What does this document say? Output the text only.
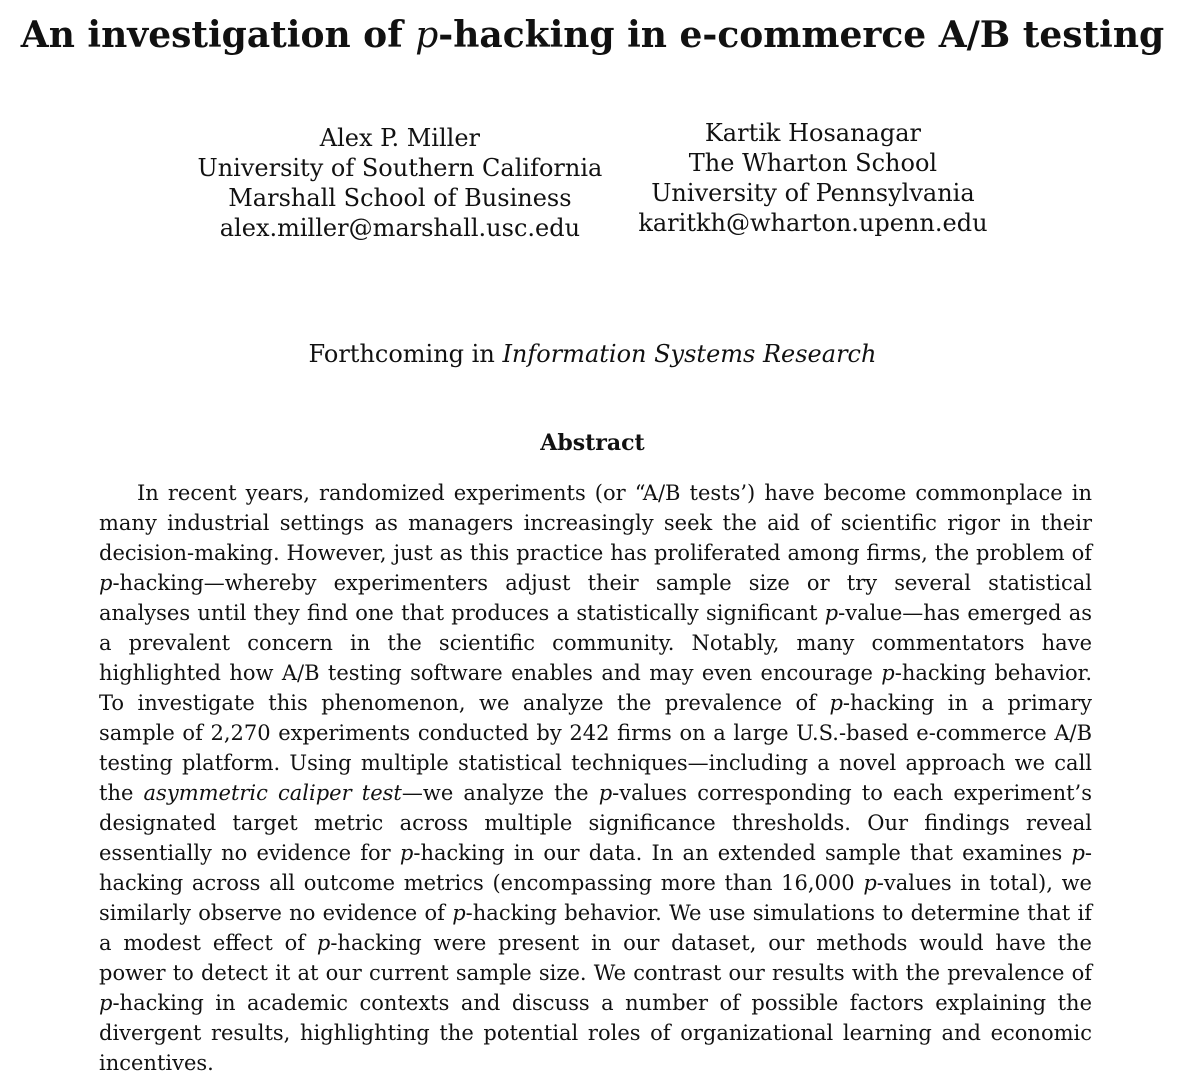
An investigation of p-hacking in e-commerce A/B testing
Alex P. Miller
University of Southern California
Marshall School of Business
alex.miller@marshall.usc.edu
Kartik Hosanagar
The Wharton School
University of Pennsylvania
karitkh@wharton.upenn.edu
Forthcoming in Information Systems Research
Abstract

In recent years, randomized experiments (or “A/B tests’) have become commonplace in many industrial settings as managers increasingly seek the aid of scientific rigor in their decision-making. However, just as this practice has proliferated among firms, the problem of p-hacking—whereby experimenters adjust their sample size or try several statistical analyses until they find one that produces a statistically significant p-value—has emerged as a prevalent concern in the scientific community. Notably, many commentators have highlighted how A/B testing software enables and may even encourage p-hacking behavior. To investigate this phenomenon, we analyze the prevalence of p-hacking in a primary sample of 2,270 experiments conducted by 242 firms on a large U.S.-based e-commerce A/B testing platform. Using multiple statistical techniques—including a novel approach we call the asymmetric caliper test—we analyze the p-values corresponding to each experiment’s designated target metric across multiple significance thresholds. Our findings reveal essentially no evidence for p-hacking in our data. In an extended sample that examines p-hacking across all outcome metrics (encompassing more than 16,000 p-values in total), we similarly observe no evidence of p-hacking behavior. We use simulations to determine that if a modest effect of p-hacking were present in our dataset, our methods would have the power to detect it at our current sample size. We contrast our results with the prevalence of p-hacking in academic contexts and discuss a number of possible factors explaining the divergent results, highlighting the potential roles of organizational learning and economic incentives.
